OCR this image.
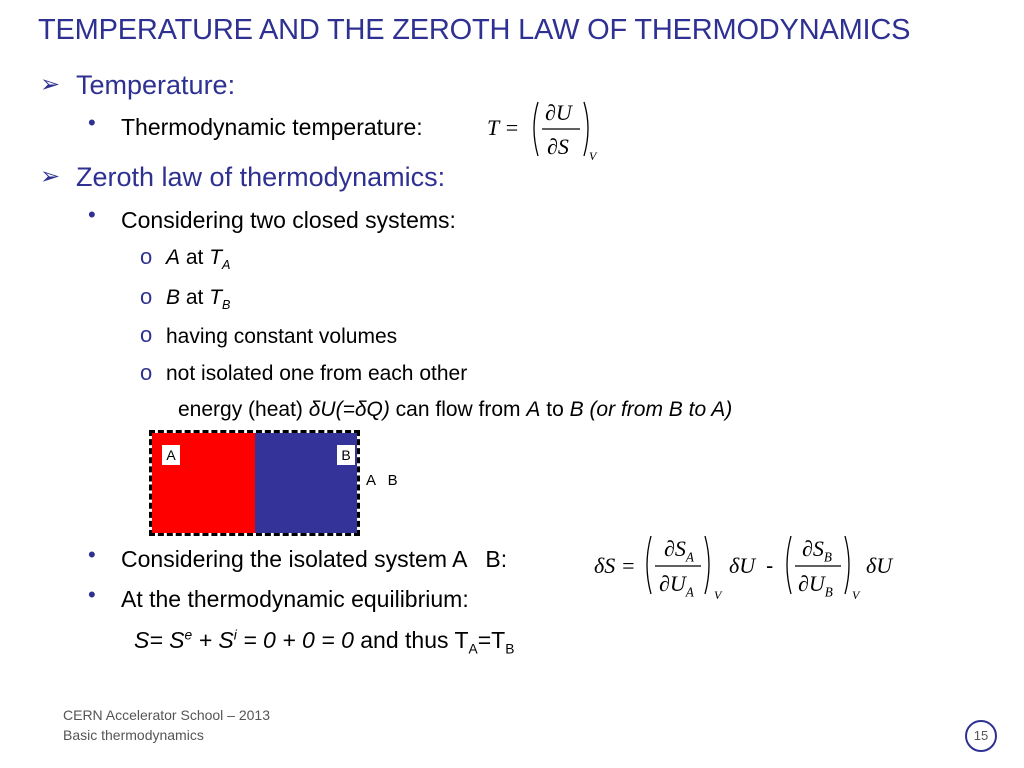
TEMPERATURE AND THE ZEROTH LAW OF THERMODYNAMICS
➢ Temperature:
• Thermodynamic temperature:	T =
∂U
∂S V
➢ Zeroth law of thermodynamics:
• Considering two closed systems:
o A at $T_A$
o B at $T_B$
o having constant volumes
o not isolated one from each other
energy (heat) δU(=δQ) can flow from A to B (or from B to A)
A	B
A   B
• Considering the isolated system A   B:
• At the thermodynamic equilibrium:
$S= S^e + S^i = 0 + 0 = 0$ and thus $T_A=T_B$
δS =
$\partial S_A$
$\partial U_A$ V
δU -
$\partial S_B$
$\partial U_B$ V
δU
CERN Accelerator School – 2013
Basic thermodynamics	15
